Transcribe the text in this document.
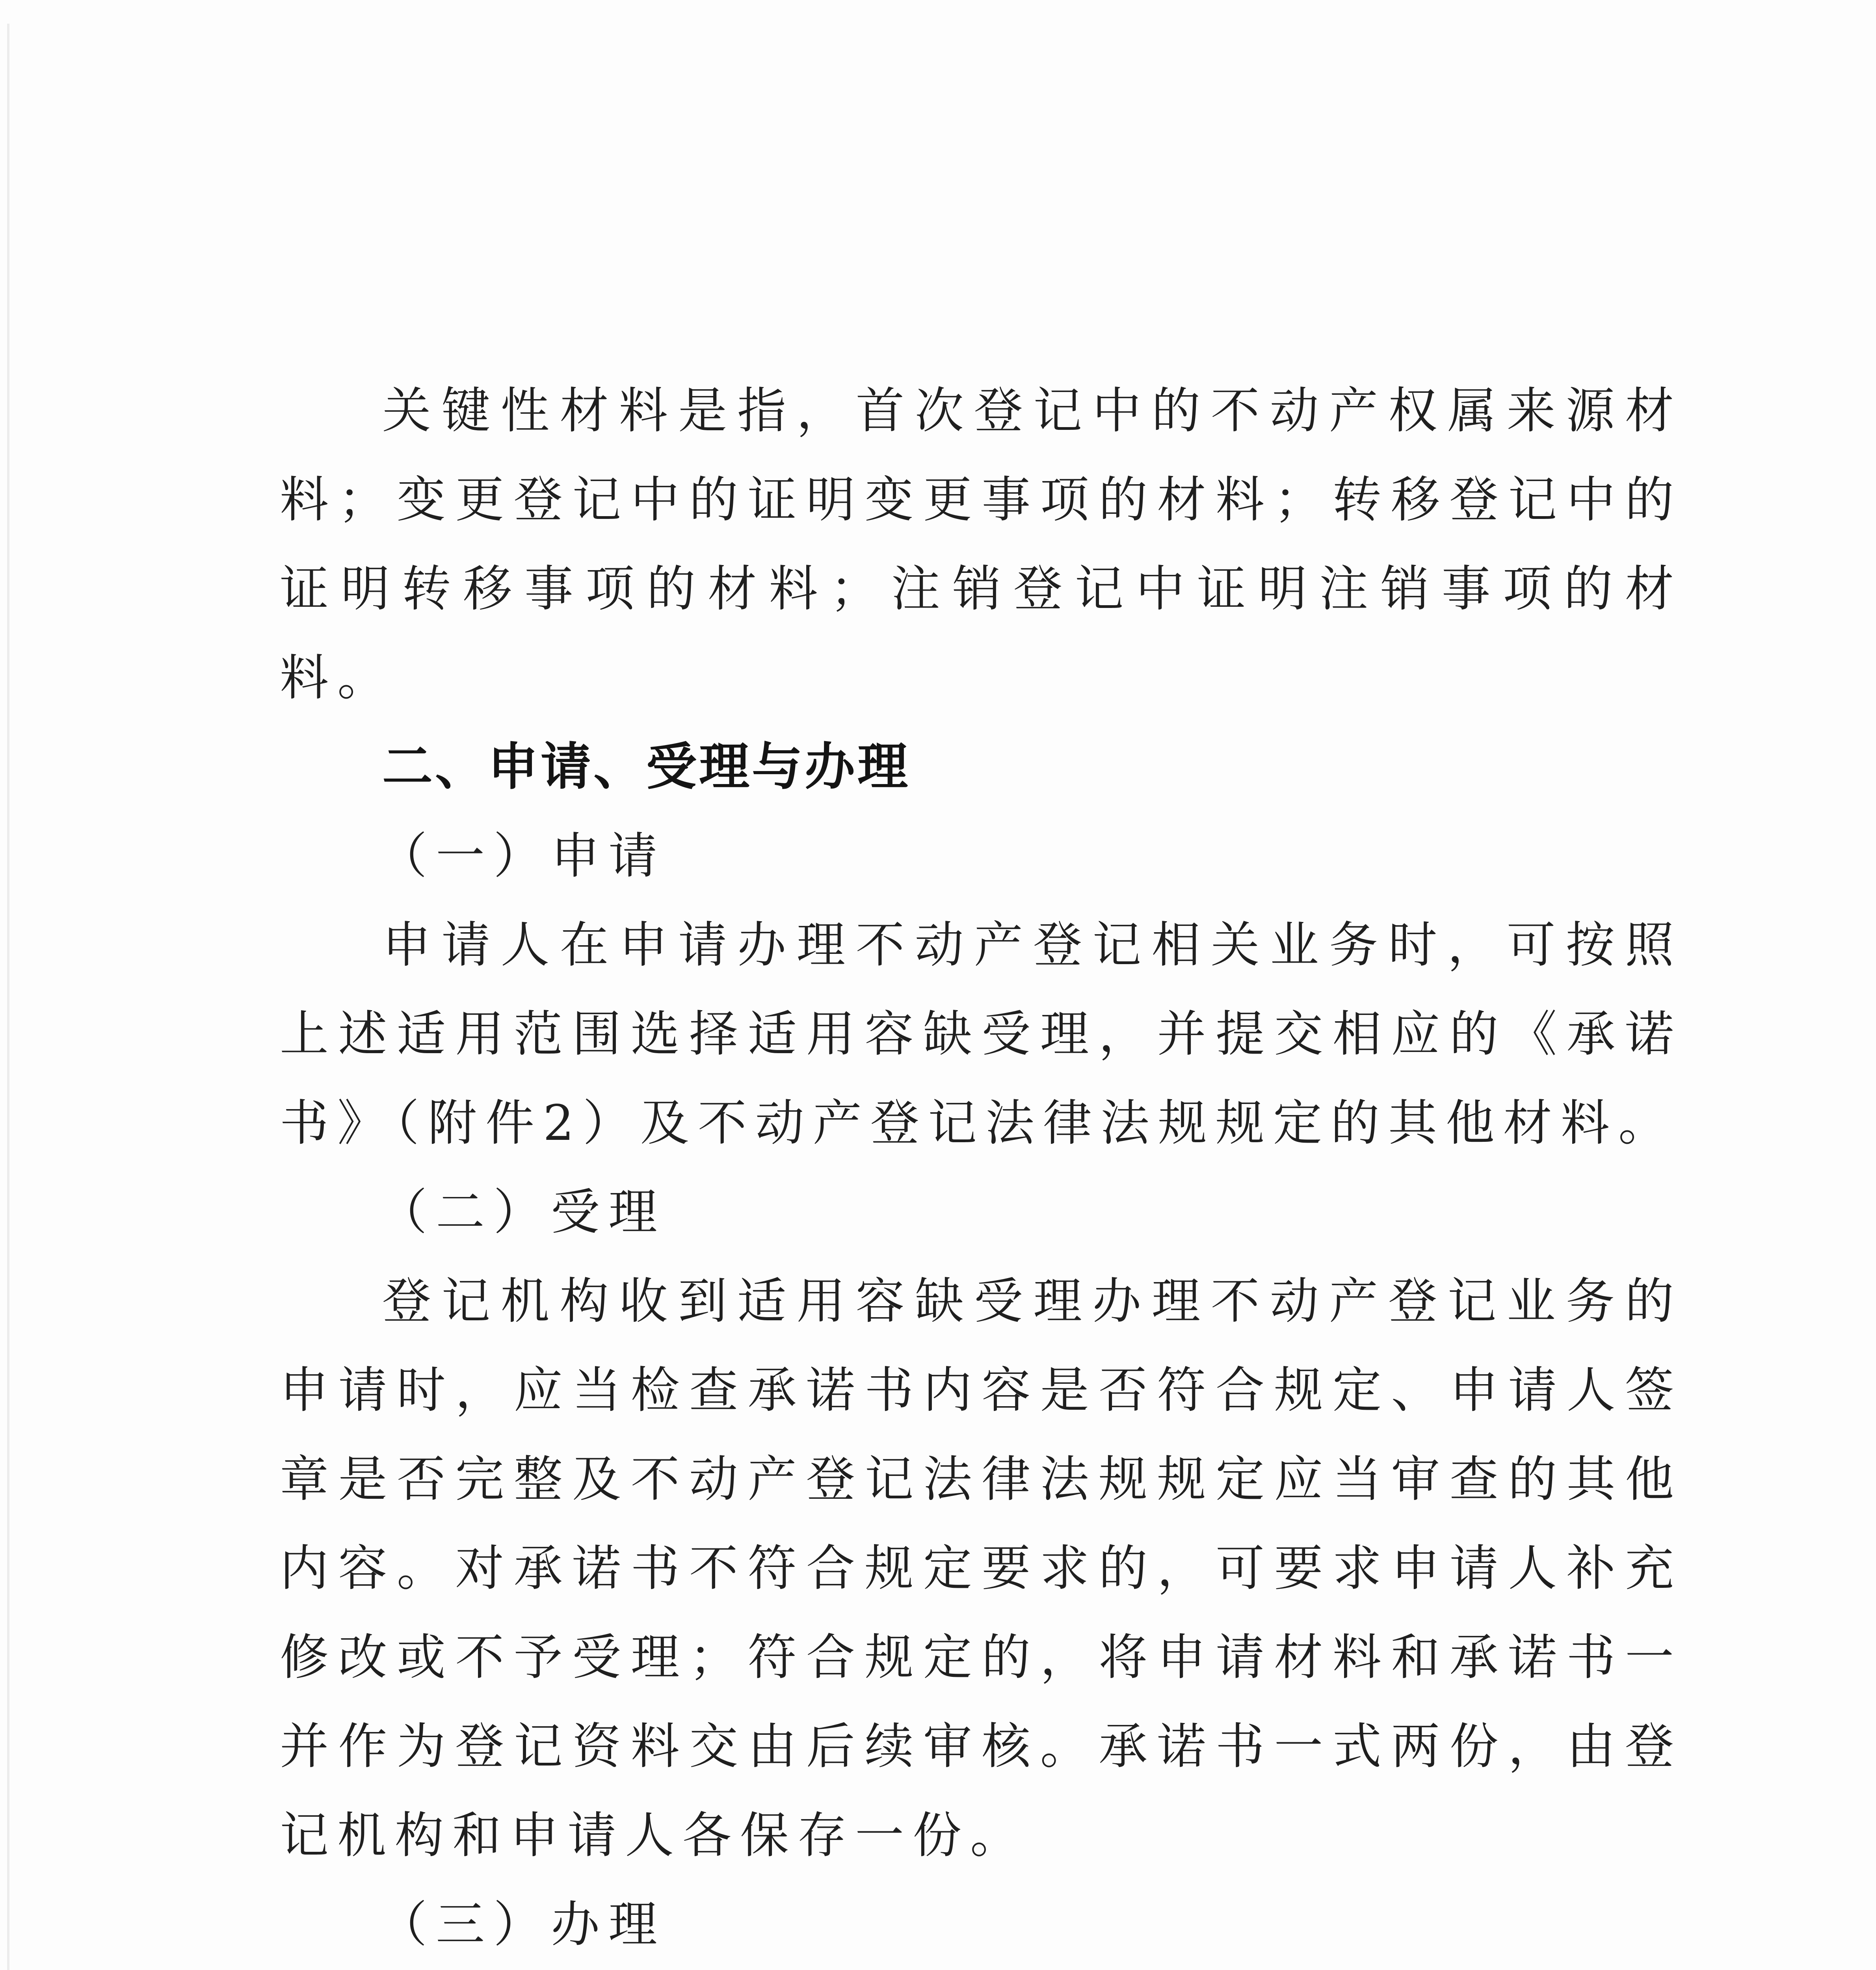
关键性材料是指，首次登记中的不动产权属来源材料；变更登记中的证明变更事项的材料；转移登记中的证明转移事项的材料；注销登记中证明注销事项的材料。

二、申请、受理与办理

（一）申请

申请人在申请办理不动产登记相关业务时，可按照上述适用范围选择适用容缺受理，并提交相应的《承诺书》（附件2）及不动产登记法律法规规定的其他材料。

（二）受理

登记机构收到适用容缺受理办理不动产登记业务的申请时，应当检查承诺书内容是否符合规定、申请人签章是否完整及不动产登记法律法规规定应当审查的其他内容。对承诺书不符合规定要求的，可要求申请人补充修改或不予受理；符合规定的，将申请材料和承诺书一并作为登记资料交由后续审核。承诺书一式两份，由登记机构和申请人各保存一份。

（三）办理
